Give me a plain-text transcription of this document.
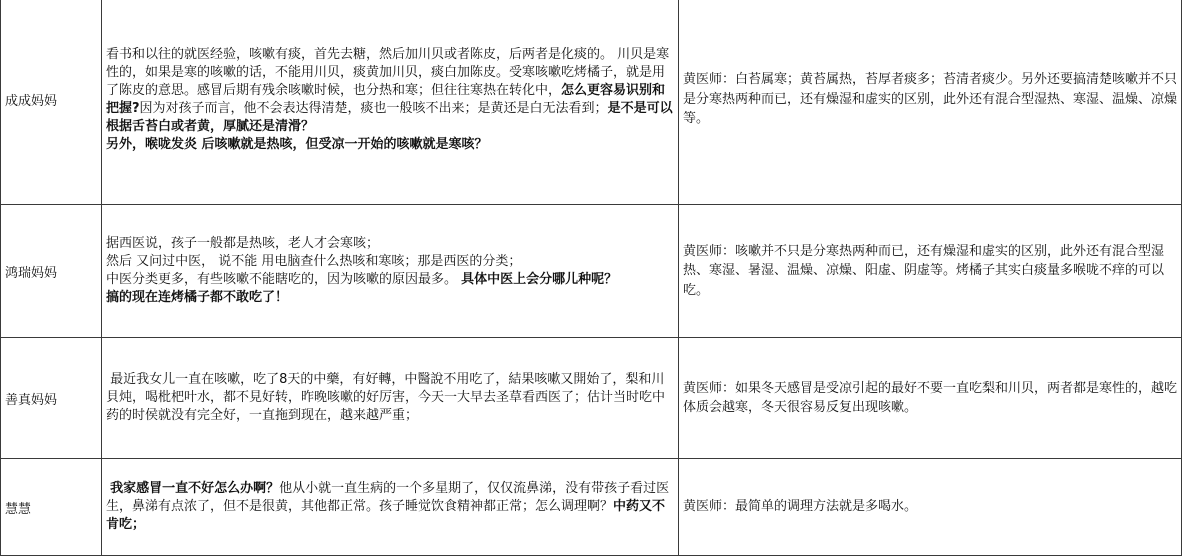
成成妈妈	看书和以往的就医经验，咳嗽有痰，首先去糖，然后加川贝或者陈皮，后两者是化痰的。 川贝是寒性的，如果是寒的咳嗽的话，不能用川贝，痰黄加川贝，痰白加陈皮。受寒咳嗽吃烤橘子，就是用了陈皮的意思。感冒后期有残余咳嗽时候，也分热和寒；但往往寒热在转化中，怎么更容易识别和把握?因为对孩子而言，他不会表达得清楚，痰也一般咳不出来；是黄还是白无法看到；是不是可以根据舌苔白或者黄，厚腻还是清滑？
另外，喉咙发炎 后咳嗽就是热咳，但受凉一开始的咳嗽就是寒咳？	黄医师：白苔属寒；黄苔属热，苔厚者痰多；苔清者痰少。另外还要搞清楚咳嗽并不只是分寒热两种而已，还有燥湿和虚实的区别，此外还有混合型湿热、寒湿、温燥、凉燥等。
鸿瑞妈妈	据西医说，孩子一般都是热咳，老人才会寒咳；
然后 又问过中医， 说不能 用电脑查什么热咳和寒咳；那是西医的分类；
中医分类更多，有些咳嗽不能瞎吃的，因为咳嗽的原因最多。 具体中医上会分哪儿种呢？
搞的现在连烤橘子都不敢吃了！	黄医师：咳嗽并不只是分寒热两种而已，还有燥湿和虚实的区别，此外还有混合型湿热、寒湿、暑湿、温燥、凉燥、阳虚、阴虚等。烤橘子其实白痰量多喉咙不痒的可以吃。
善真妈妈	最近我女儿一直在咳嗽，吃了8天的中藥，有好轉，中醫說不用吃了，結果咳嗽又開始了，梨和川貝炖，喝枇杷叶水，都不見好转，昨晚咳嗽的好厉害，今天一大早去圣草看西医了；估计当时吃中药的时侯就没有完全好，一直拖到现在，越来越严重；	黄医师：如果冬天感冒是受凉引起的最好不要一直吃梨和川贝，两者都是寒性的，越吃体质会越寒，冬天很容易反复出现咳嗽。
慧慧	我家感冒一直不好怎么办啊？他从小就一直生病的一个多星期了，仅仅流鼻涕，没有带孩子看过医生，鼻涕有点浓了，但不是很黄，其他都正常。孩子睡觉饮食精神都正常；怎么调理啊？中药又不肯吃；	黄医师：最简单的调理方法就是多喝水。
